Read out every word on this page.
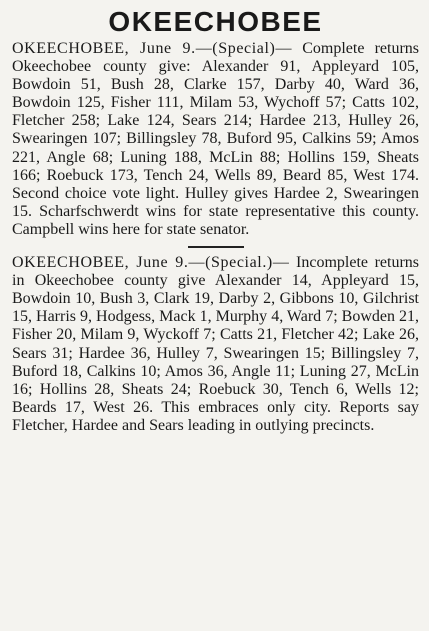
OKEECHOBEE

OKEECHOBEE, June 9.—(Special)— Complete returns Okeechobee county give: Alexander 91, Appleyard 105, Bowdoin 51, Bush 28, Clarke 157, Darby 40, Ward 36, Bowdoin 125, Fisher 111, Milam 53, Wychoff 57; Catts 102, Fletcher 258; Lake 124, Sears 214; Hardee 213, Hulley 26, Swearingen 107; Billingsley 78, Buford 95, Calkins 59; Amos 221, Angle 68; Luning 188, McLin 88; Hollins 159, Sheats 166; Roebuck 173, Tench 24, Wells 89, Beard 85, West 174. Second choice vote light. Hulley gives Hardee 2, Swearingen 15. Scharfschwerdt wins for state representative this county. Campbell wins here for state senator.

OKEECHOBEE, June 9.—(Special.)— Incomplete returns in Okeechobee county give Alexander 14, Appleyard 15, Bowdoin 10, Bush 3, Clark 19, Darby 2, Gibbons 10, Gilchrist 15, Harris 9, Hodgess, Mack 1, Murphy 4, Ward 7; Bowden 21, Fisher 20, Milam 9, Wyckoff 7; Catts 21, Fletcher 42; Lake 26, Sears 31; Hardee 36, Hulley 7, Swearingen 15; Billingsley 7, Buford 18, Calkins 10; Amos 36, Angle 11; Luning 27, McLin 16; Hollins 28, Sheats 24; Roebuck 30, Tench 6, Wells 12; Beards 17, West 26. This embraces only city. Reports say Fletcher, Hardee and Sears leading in outlying precincts.
